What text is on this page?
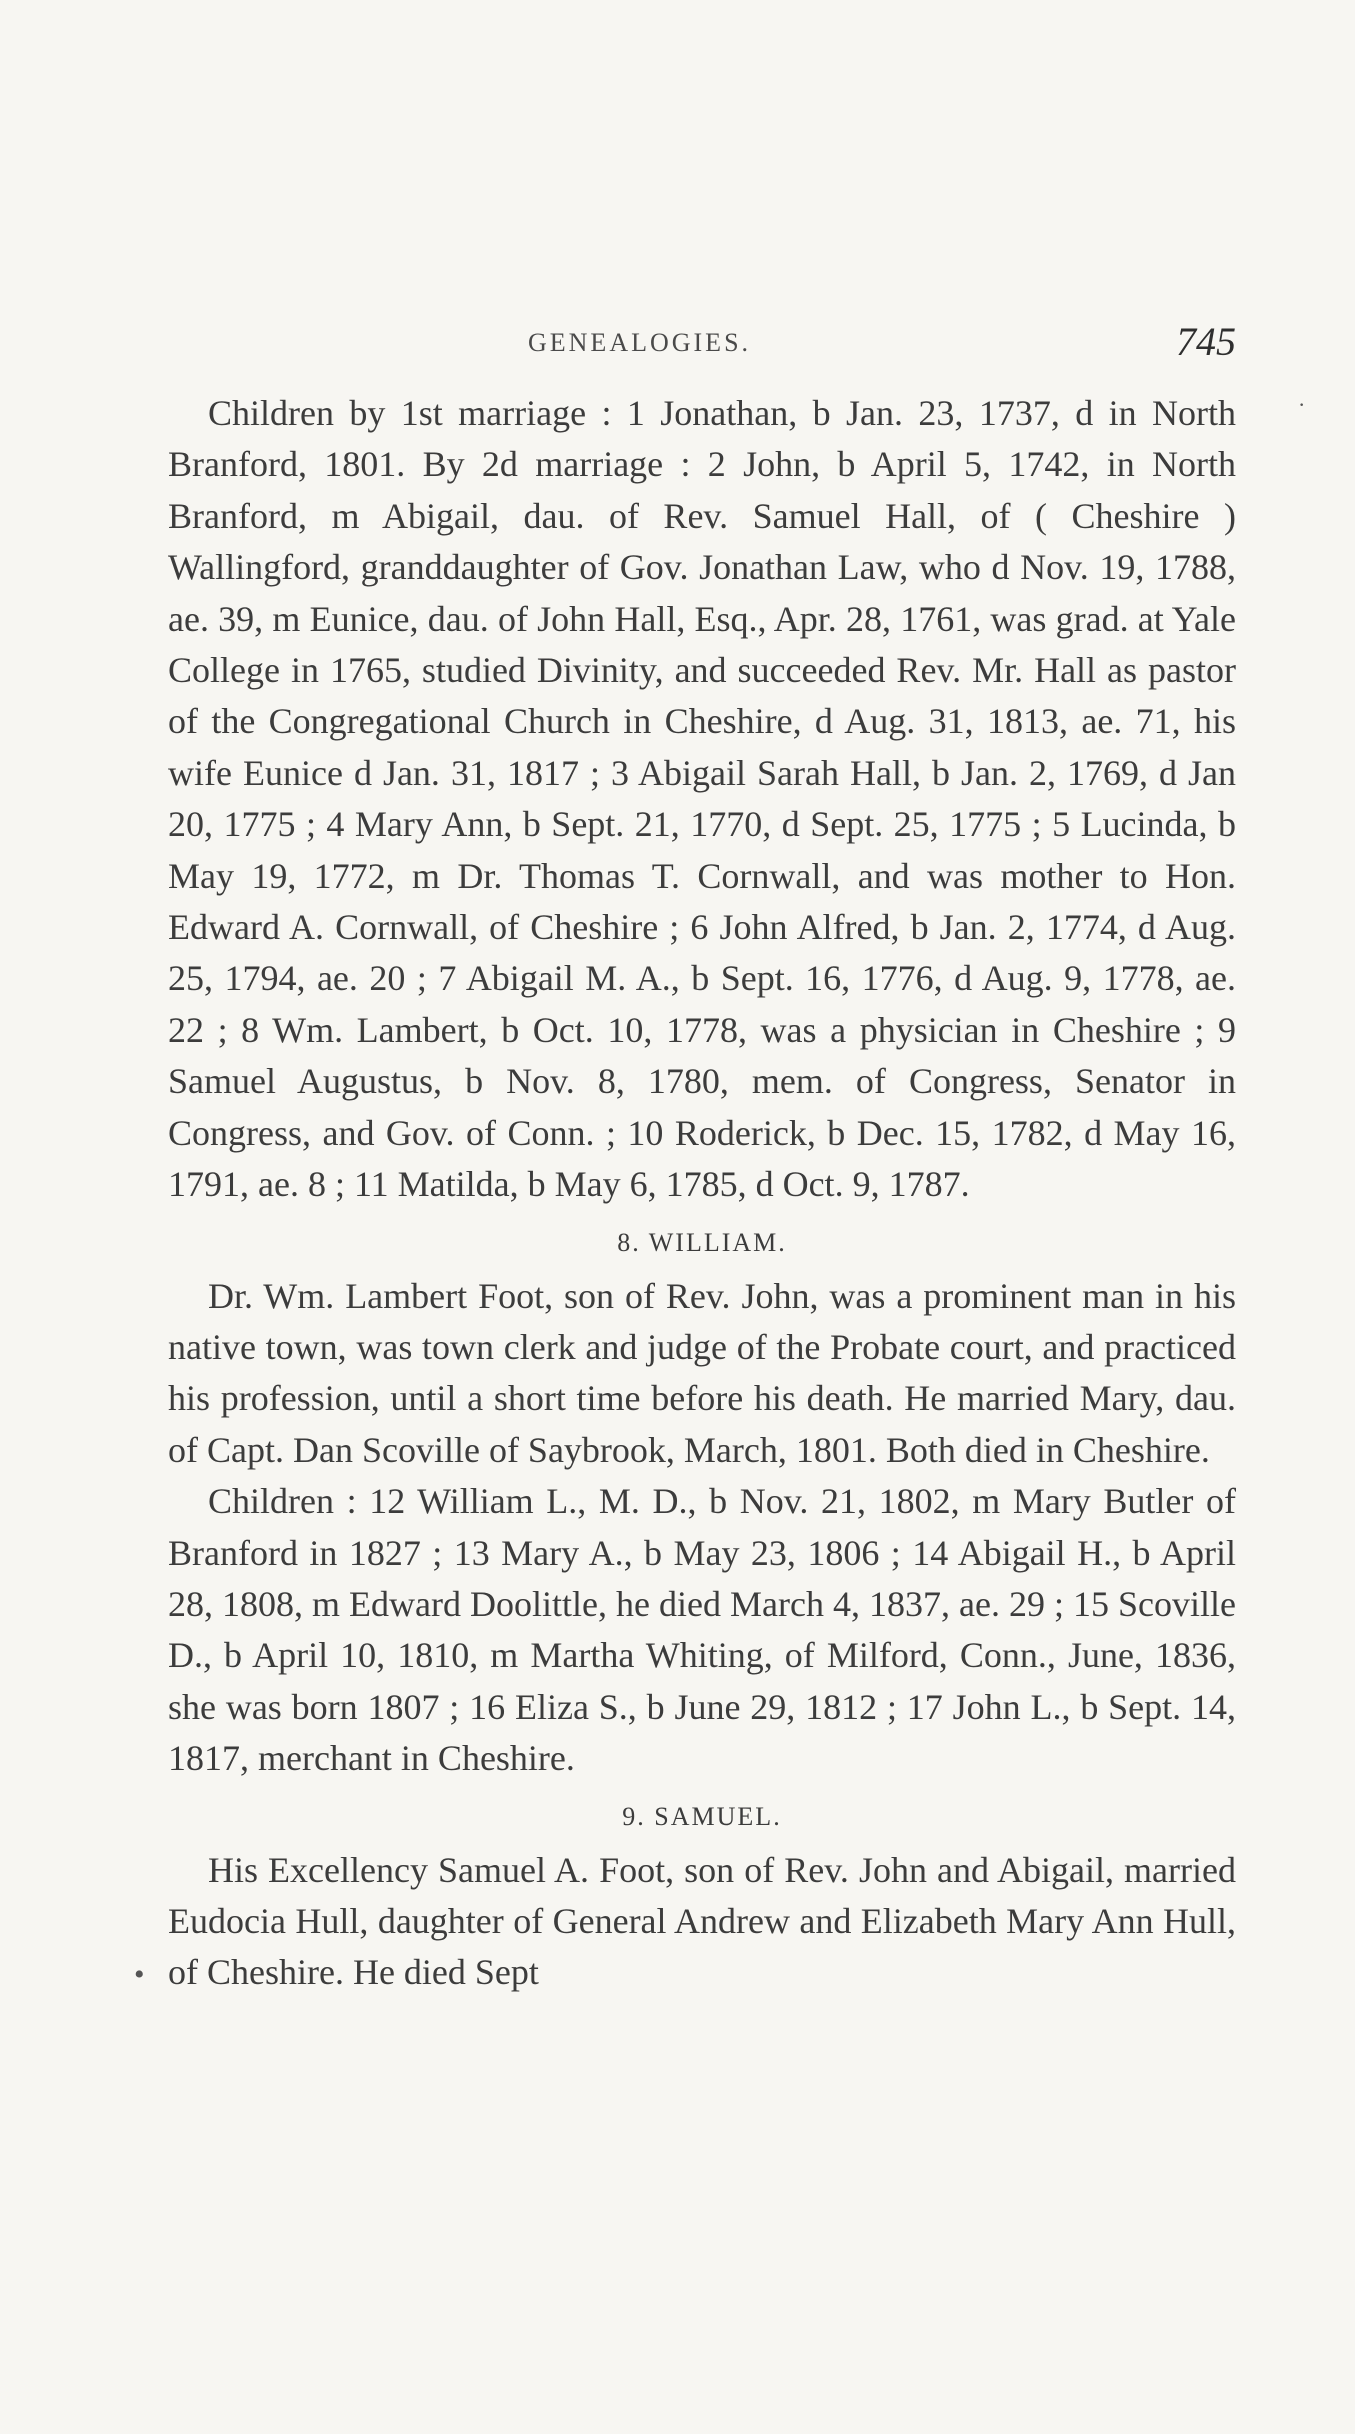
GENEALOGIES.	745
·
•

Children by 1st marriage : 1 Jonathan, b Jan. 23, 1737, d in North Branford, 1801. By 2d marriage : 2 John, b April 5, 1742, in North Branford, m Abigail, dau. of Rev. Samuel Hall, of ( Cheshire ) Wallingford, granddaughter of Gov. Jonathan Law, who d Nov. 19, 1788, ae. 39, m Eunice, dau. of John Hall, Esq., Apr. 28, 1761, was grad. at Yale College in 1765, studied Divinity, and succeeded Rev. Mr. Hall as pastor of the Congregational Church in Cheshire, d Aug. 31, 1813, ae. 71, his wife Eunice d Jan. 31, 1817 ; 3 Abigail Sarah Hall, b Jan. 2, 1769, d Jan 20, 1775 ; 4 Mary Ann, b Sept. 21, 1770, d Sept. 25, 1775 ; 5 Lucinda, b May 19, 1772, m Dr. Thomas T. Cornwall, and was mother to Hon. Edward A. Cornwall, of Cheshire ; 6 John Alfred, b Jan. 2, 1774, d Aug. 25, 1794, ae. 20 ; 7 Abigail M. A., b Sept. 16, 1776, d Aug. 9, 1778, ae. 22 ; 8 Wm. Lambert, b Oct. 10, 1778, was a physician in Cheshire ; 9 Samuel Augustus, b Nov. 8, 1780, mem. of Congress, Senator in Congress, and Gov. of Conn. ; 10 Roderick, b Dec. 15, 1782, d May 16, 1791, ae. 8 ; 11 Matilda, b May 6, 1785, d Oct. 9, 1787.

8. WILLIAM.

Dr. Wm. Lambert Foot, son of Rev. John, was a prominent man in his native town, was town clerk and judge of the Probate court, and practiced his profession, until a short time before his death. He married Mary, dau. of Capt. Dan Scoville of Saybrook, March, 1801. Both died in Cheshire.

Children : 12 William L., M. D., b Nov. 21, 1802, m Mary Butler of Branford in 1827 ; 13 Mary A., b May 23, 1806 ; 14 Abigail H., b April 28, 1808, m Edward Doolittle, he died March 4, 1837, ae. 29 ; 15 Scoville D., b April 10, 1810, m Martha Whiting, of Milford, Conn., June, 1836, she was born 1807 ; 16 Eliza S., b June 29, 1812 ; 17 John L., b Sept. 14, 1817, merchant in Cheshire.

9. SAMUEL.

His Excellency Samuel A. Foot, son of Rev. John and Abigail, married Eudocia Hull, daughter of General Andrew and Elizabeth Mary Ann Hull, of Cheshire. He died Sept
